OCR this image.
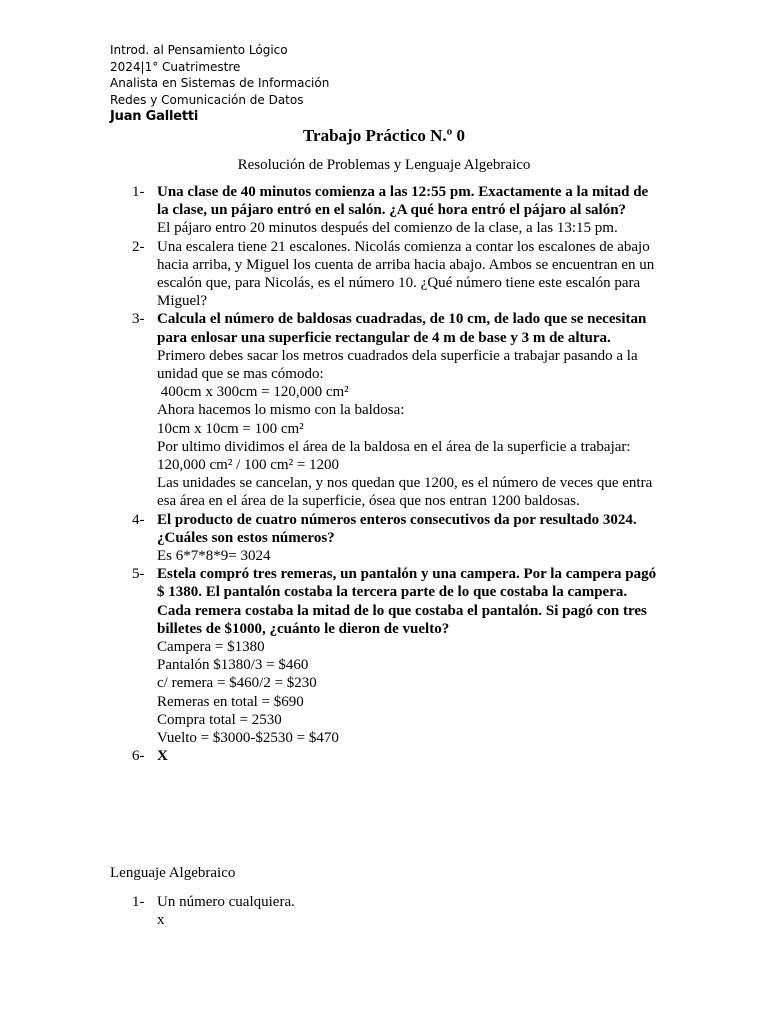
Introd. al Pensamiento Lógico
2024|1° Cuatrimestre
Analista en Sistemas de Información
Redes y Comunicación de Datos
Juan Galletti
Trabajo Práctico N.º 0
Resolución de Problemas y Lenguaje Algebraico
1- Una clase de 40 minutos comienza a las 12:55 pm. Exactamente a la mitad de la clase, un pájaro entró en el salón. ¿A qué hora entró el pájaro al salón?
El pájaro entro 20 minutos después del comienzo de la clase, a las 13:15 pm.
2- Una escalera tiene 21 escalones. Nicolás comienza a contar los escalones de abajo hacia arriba, y Miguel los cuenta de arriba hacia abajo. Ambos se encuentran en un escalón que, para Nicolás, es el número 10. ¿Qué número tiene este escalón para Miguel?
3- Calcula el número de baldosas cuadradas, de 10 cm, de lado que se necesitan para enlosar una superficie rectangular de 4 m de base y 3 m de altura.
Primero debes sacar los metros cuadrados dela superficie a trabajar pasando a la unidad que se mas cómodo:
400cm x 300cm = 120,000 cm²
Ahora hacemos lo mismo con la baldosa:
10cm x 10cm = 100 cm²
Por ultimo dividimos el área de la baldosa en el área de la superficie a trabajar:
120,000 cm² / 100 cm² = 1200
Las unidades se cancelan, y nos quedan que 1200, es el número de veces que entra esa área en el área de la superficie, ósea que nos entran 1200 baldosas.
4- El producto de cuatro números enteros consecutivos da por resultado 3024. ¿Cuáles son estos números?
Es 6*7*8*9= 3024
5- Estela compró tres remeras, un pantalón y una campera. Por la campera pagó $ 1380. El pantalón costaba la tercera parte de lo que costaba la campera. Cada remera costaba la mitad de lo que costaba el pantalón. Si pagó con tres billetes de $1000, ¿cuánto le dieron de vuelto?
Campera = $1380
Pantalón $1380/3 = $460
c/ remera = $460/2 = $230
Remeras en total = $690
Compra total = 2530
Vuelto = $3000-$2530 = $470
6- X
Lenguaje Algebraico
1- Un número cualquiera.
x
